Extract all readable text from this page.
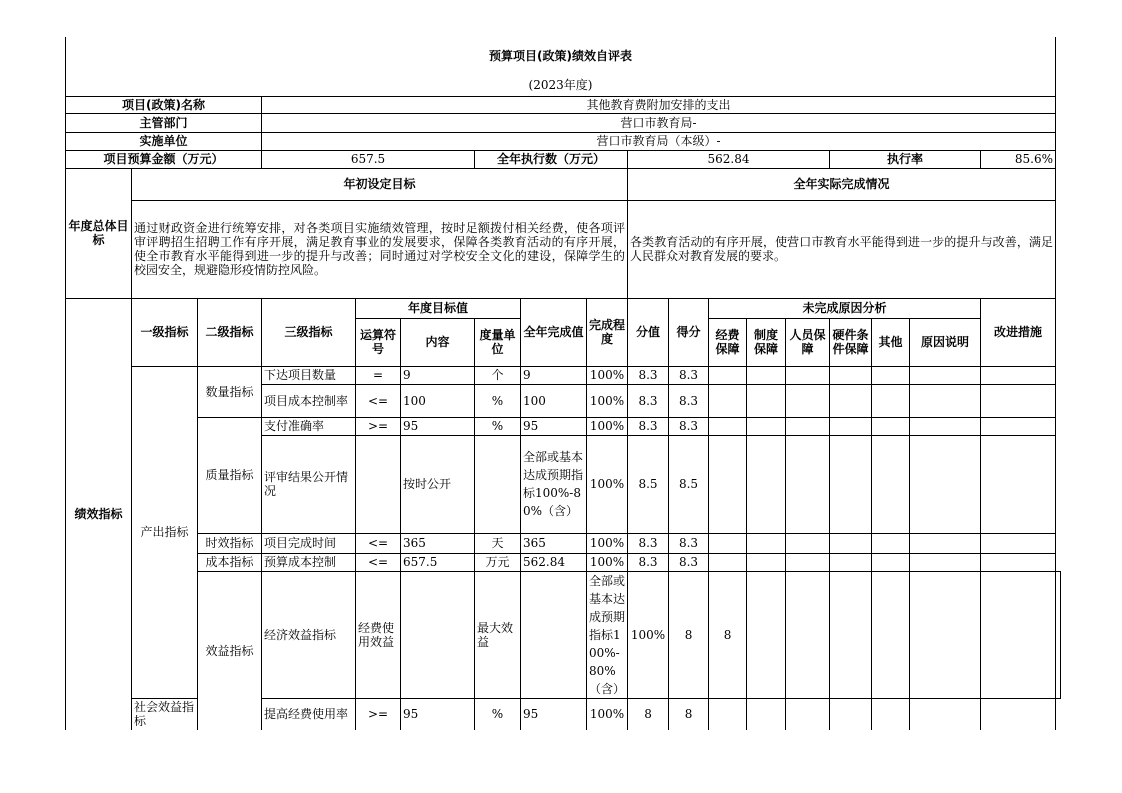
预算项目(政策)绩效自评表																		
(2023年度)																		
项目(政策)名称			其他教育费附加安排的支出															
主管部门			营口市教育局-															
实施单位			营口市教育局（本级）-															
项目预算金额（万元）			657.5			全年执行数（万元）			562.84					执行率			85.6%	
年度总体目标	年初设定目标								全年实际完成情况									
	通过财政资金进行统筹安排，对各类项目实施绩效管理，按时足额拨付相关经费，使各项评审评聘招生招聘工作有序开展，满足教育事业的发展要求，保障各类教育活动的有序开展，使全市教育水平能得到进一步的提升与改善；同时通过对学校安全文化的建设，保障学生的校园安全，规避隐形疫情防控风险。								各类教育活动的有序开展，使营口市教育水平能得到进一步的提升与改善，满足人民群众对教育发展的要求。									
绩效指标	一级指标	二级指标	三级指标	年度目标值			全年完成值	完成程度	分值	得分	未完成原因分析						改进措施	
				运算符号	内容	度量单位					经费保障	制度保障	人员保障	硬件条件保障	其他	原因说明		
	产出指标	数量指标	下达项目数量	=	9	个	9	100%	8.3	8.3								
			项目成本控制率	<=	100	%	100	100%	8.3	8.3								
		质量指标	支付准确率	>=	95	%	95	100%	8.3	8.3								
			评审结果公开情况		按时公开		全部或基本达成预期指标100%-80%（含）	100%	8.5	8.5								
		时效指标	项目完成时间	<=	365	天	365	100%	8.3	8.3								
		成本指标	预算成本控制	<=	657.5	万元	562.84	100%	8.3	8.3								
		效益指标	经济效益指标	经费使用效益		最大效益		全部或基本达成预期指标100%-80%（含）	100%	8	8							
	社会效益指标		提高经费使用率	>=	95	%	95	100%	8	8								
